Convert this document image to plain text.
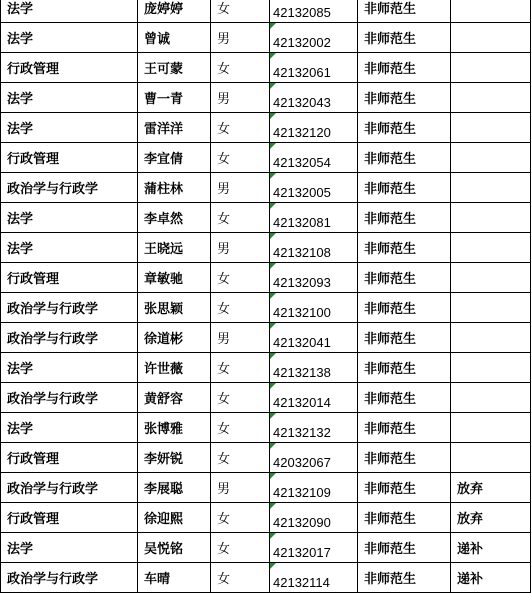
法学	庞婷婷	女	42132085	非师范生	
法学	曾诚	男	42132002	非师范生	
行政管理	王可蒙	女	42132061	非师范生	
法学	曹一青	男	42132043	非师范生	
法学	雷洋洋	女	42132120	非师范生	
行政管理	李宜倩	女	42132054	非师范生	
政治学与行政学	蒲柱林	男	42132005	非师范生	
法学	李卓然	女	42132081	非师范生	
法学	王晓远	男	42132108	非师范生	
行政管理	章敏驰	女	42132093	非师范生	
政治学与行政学	张思颖	女	42132100	非师范生	
政治学与行政学	徐道彬	男	42132041	非师范生	
法学	许世薇	女	42132138	非师范生	
政治学与行政学	黄舒容	女	42132014	非师范生	
法学	张博雅	女	42132132	非师范生	
行政管理	李妍锐	女	42032067	非师范生	
政治学与行政学	李展聪	男	42132109	非师范生	放弃
行政管理	徐迎熙	女	42132090	非师范生	放弃
法学	吴悦铭	女	42132017	非师范生	递补
政治学与行政学	车晴	女	42132114	非师范生	递补
